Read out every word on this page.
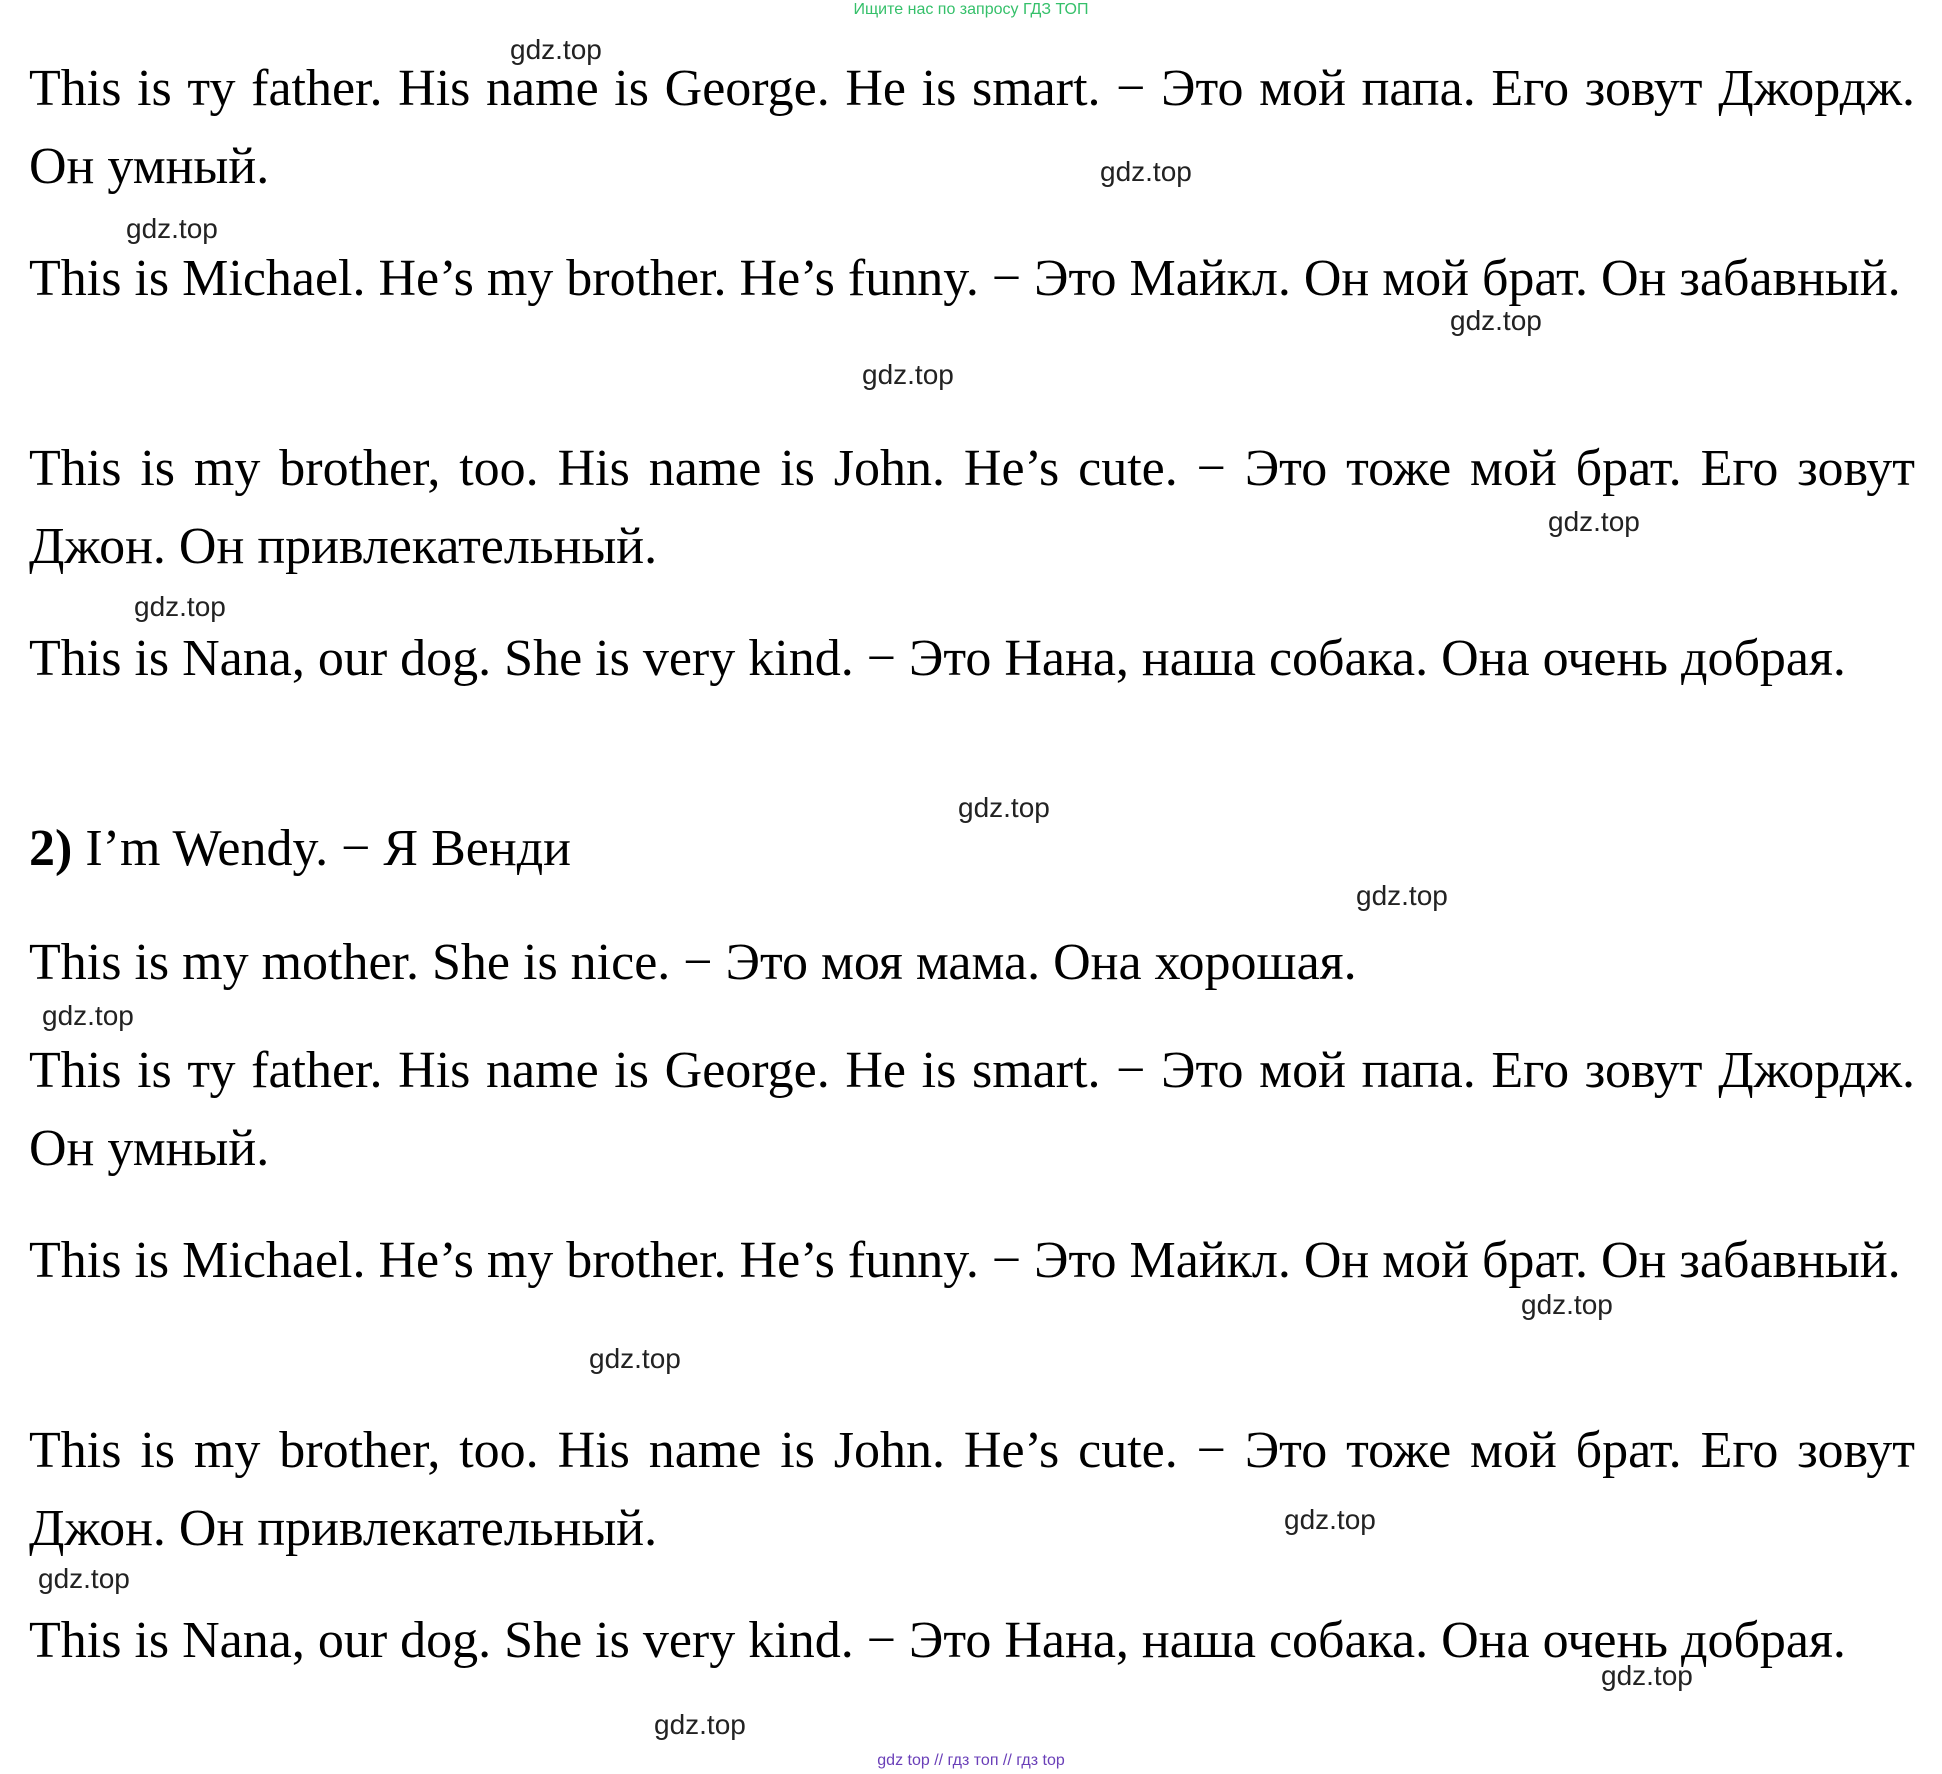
Ищите нас по запросу ГДЗ ТОП

This is ту father. His name is George. He is smart. − Это мой папа. Его зовут Джордж. Он умный.

This is Michael. He’s my brother. He’s funny. − Это Майкл. Он мой брат. Он забавный.

This is my brother, too. His name is John. He’s cute. − Это тоже мой брат. Его зовут Джон. Он привлекательный.

This is Nana, our dog. She is very kind. − Это Нана, наша собака. Она очень добрая.

2) I’m Wendy. − Я Венди

This is my mother. She is nice. − Это моя мама. Она хорошая.

This is ту father. His name is George. He is smart. − Это мой папа. Его зовут Джордж. Он умный.

This is Michael. He’s my brother. He’s funny. − Это Майкл. Он мой брат. Он забавный.

This is my brother, too. His name is John. He’s cute. − Это тоже мой брат. Его зовут Джон. Он привлекательный.

This is Nana, our dog. She is very kind. − Это Нана, наша собака. Она очень добрая.

gdz.top
gdz.top
gdz.top
gdz.top
gdz.top
gdz.top
gdz.top
gdz.top
gdz.top
gdz.top
gdz.top
gdz.top
gdz.top
gdz.top
gdz.top
gdz.top
gdz top // гдз топ // гдз top
